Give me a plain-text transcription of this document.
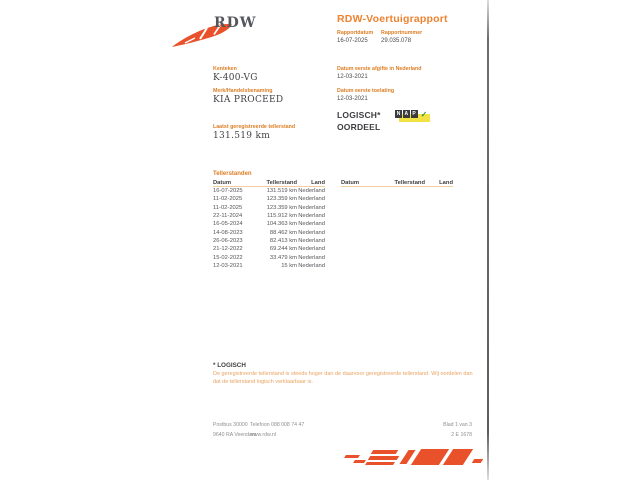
RDW	RDW-Voertuigrapport
Rapportdatum
16-07-2025
Rapportnummer
29.035.078
Kenteken
K-400-VG
Merk/Handelsbenaming
KIA PROCEED
Laatst geregistreerde tellerstand
131.519 km
Datum eerste afgifte in Nederland
12-03-2021
Datum eerste toelating
12-03-2021
LOGISCH*
OORDEEL
N A P ✓
Tellerstanden
Datum	Tellerstand	Land
16-07-2025	131.519 km Nederland
11-02-2025	123.359 km Nederland
11-02-2025	123.359 km Nederland
22-11-2024	115.912 km Nederland
16-05-2024	104.363 km Nederland
14-08-2023	88.462 km Nederland
26-06-2023	82.413 km Nederland
21-12-2022	69.244 km Nederland
15-02-2022	33.479 km Nederland
12-03-2021	15 km Nederland
Datum	Tellerstand	Land
* LOGISCH
De geregistreerde tellerstand is steeds hoger dan de daarvoor geregistreerde tellerstand. Wij oordelen dan dat de tellerstand logisch verklaarbaar is.
Postbus 30000
9640 RA Veendam
Telefoon 088 008 74 47
www.rdw.nl
Blad 1 van 3
2 E 1678
